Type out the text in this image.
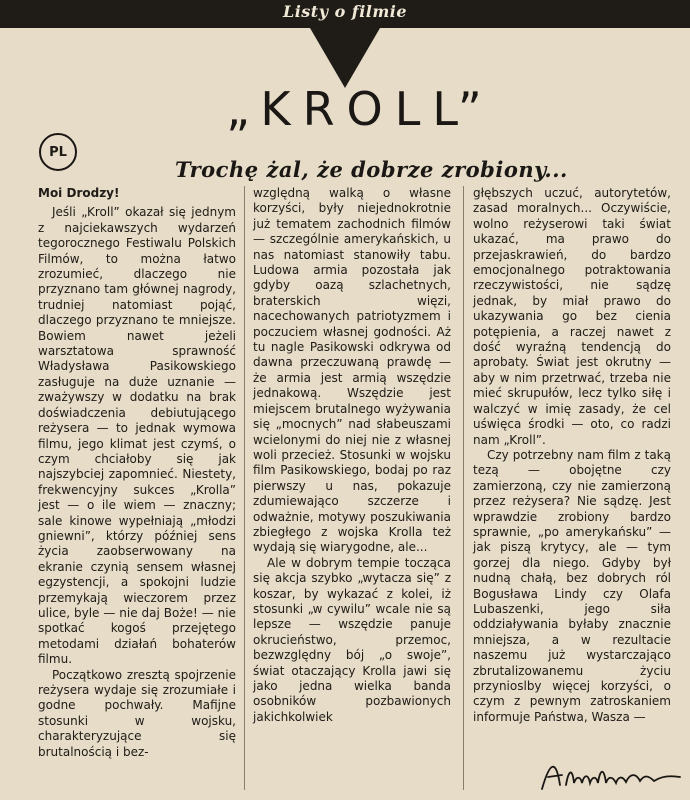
Listy o filmie
„KROLL”
PL
Trochę żal, że dobrze zrobiony...

Moi Drodzy!

Jeśli „Kroll” okazał się jednym z najciekawszych wydarzeń tegorocznego Festiwalu Polskich Filmów, to można łatwo zrozumieć, dlaczego nie przyznano tam głównej nagrody, trudniej natomiast pojąć, dlaczego przyznano te mniejsze. Bowiem nawet jeżeli warsztatowa sprawność Władysława Pasikowskiego zasługuje na duże uznanie — zważywszy w dodatku na brak doświadczenia debiutującego reżysera — to jednak wymowa filmu, jego klimat jest czymś, o czym chciałoby się jak najszybciej zapomnieć. Niestety, frekwencyjny sukces „Krolla” jest — o ile wiem — znaczny; sale kinowe wypełniają „młodzi gniewni”, którzy później sens życia zaobserwowany na ekranie czynią sensem własnej egzystencji, a spokojni ludzie przemykają wieczorem przez ulice, byle — nie daj Boże! — nie spotkać kogoś przejętego metodami działań bohaterów filmu.

Początkowo zresztą spojrzenie reżysera wydaje się zrozumiałe i godne pochwały. Mafijne stosunki w wojsku, charakteryzujące się brutalnością i bez-

względną walką o własne korzyści, były niejednokrotnie już tematem zachodnich filmów — szczególnie amerykańskich, u nas natomiast stanowiły tabu. Ludowa armia pozostała jak gdyby oazą szlachetnych, braterskich więzi, nacechowanych patriotyzmem i poczuciem własnej godności. Aż tu nagle Pasikowski odkrywa od dawna przeczuwaną prawdę — że armia jest armią wszędzie jednakową. Wszędzie jest miejscem brutalnego wyżywania się „mocnych” nad słabeuszami wcielonymi do niej nie z własnej woli przecież. Stosunki w wojsku film Pasikowskiego, bodaj po raz pierwszy u nas, pokazuje zdumiewająco szczerze i odważnie, motywy poszukiwania zbiegłego z wojska Krolla też wydają się wiarygodne, ale...

Ale w dobrym tempie tocząca się akcja szybko „wytacza się” z koszar, by wykazać z kolei, iż stosunki „w cywilu” wcale nie są lepsze — wszędzie panuje okrucieństwo, przemoc, bezwzględny bój „o swoje”, świat otaczający Krolla jawi się jako jedna wielka banda osobników pozbawionych jakichkolwiek

głębszych uczuć, autorytetów, zasad moralnych... Oczywiście, wolno reżyserowi taki świat ukazać, ma prawo do przejaskrawień, do bardzo emocjonalnego potraktowania rzeczywistości, nie sądzę jednak, by miał prawo do ukazywania go bez cienia potępienia, a raczej nawet z dość wyraźną tendencją do aprobaty. Świat jest okrutny — aby w nim przetrwać, trzeba nie mieć skrupułów, lecz tylko siłę i walczyć w imię zasady, że cel uświęca środki — oto, co radzi nam „Kroll”.

Czy potrzebny nam film z taką tezą — obojętne czy zamierzoną, czy nie zamierzoną przez reżysera? Nie sądzę. Jest wprawdzie zrobiony bardzo sprawnie, „po amerykańsku” — jak piszą krytycy, ale — tym gorzej dla niego. Gdyby był nudną chałą, bez dobrych ról Bogusława Lindy czy Olafa Lubaszenki, jego siła oddziaływania byłaby znacznie mniejsza, a w rezultacie naszemu już wystarczająco zbrutalizowanemu życiu przynioslby więcej korzyści, o czym z pewnym zatroskaniem informuje Państwa, Wasza —
